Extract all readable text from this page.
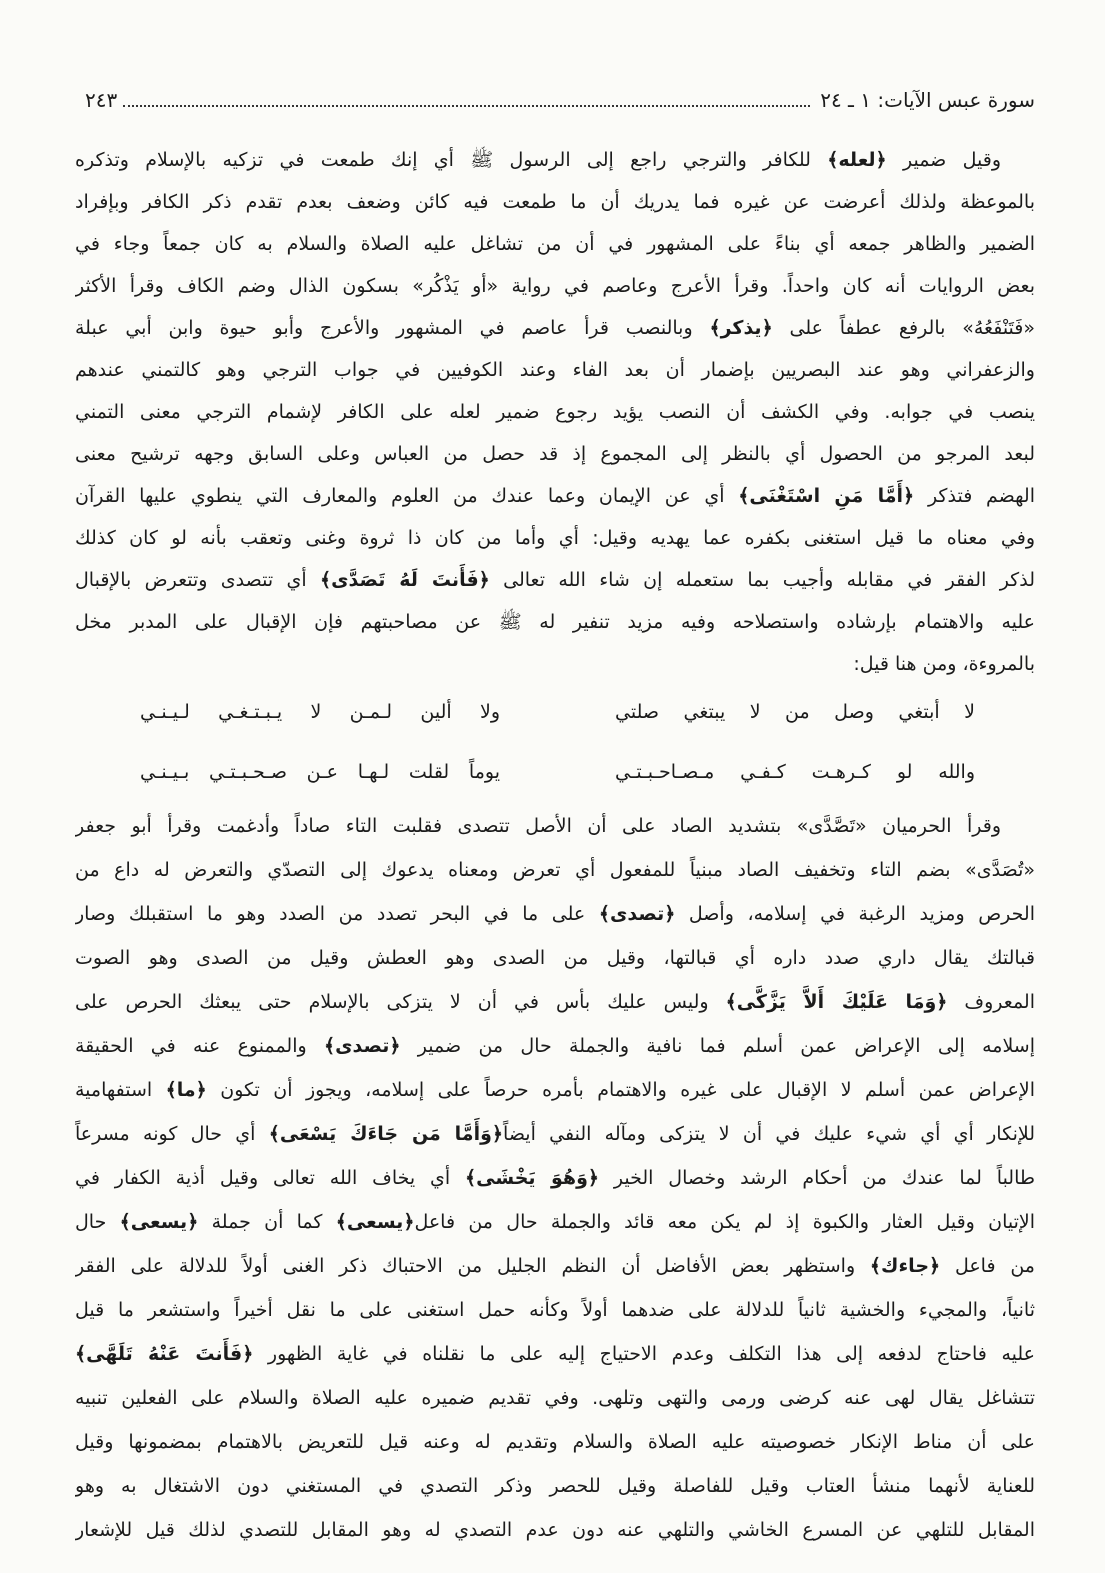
سورة عبس الآيات: ١ ـ ٢٤
٢٤٣
وقيل ضمير ﴿لعله﴾ للكافر والترجي راجع إلى الرسول ﷺ أي إنك طمعت في تزكيه بالإسلام وتذكره
بالموعظة ولذلك أعرضت عن غيره فما يدريك أن ما طمعت فيه كائن وضعف بعدم تقدم ذكر الكافر وبإفراد
الضمير والظاهر جمعه أي بناءً على المشهور في أن من تشاغل عليه الصلاة والسلام به كان جمعاً وجاء في
بعض الروايات أنه كان واحداً. وقرأ الأعرج وعاصم في رواية «أو يَذْكُر» بسكون الذال وضم الكاف وقرأ الأكثر
«فَتَنْفَعُهُ» بالرفع عطفاً على ﴿يذكر﴾ وبالنصب قرأ عاصم في المشهور والأعرج وأبو حيوة وابن أبي عبلة
والزعفراني وهو عند البصريين بإضمار أن بعد الفاء وعند الكوفيين في جواب الترجي وهو كالتمني عندهم
ينصب في جوابه. وفي الكشف أن النصب يؤيد رجوع ضمير لعله على الكافر لإشمام الترجي معنى التمني
لبعد المرجو من الحصول أي بالنظر إلى المجموع إذ قد حصل من العباس وعلى السابق وجهه ترشيح معنى
الهضم فتذكر ﴿أَمَّا مَنِ اسْتَغْنَى﴾ أي عن الإيمان وعما عندك من العلوم والمعارف التي ينطوي عليها القرآن
وفي معناه ما قيل استغنى بكفره عما يهديه وقيل: أي وأما من كان ذا ثروة وغنى وتعقب بأنه لو كان كذلك
لذكر الفقر في مقابله وأجيب بما ستعمله إن شاء الله تعالى ﴿فَأَنتَ لَهُ تَصَدَّى﴾ أي تتصدى وتتعرض بالإقبال
عليه والاهتمام بإرشاده واستصلاحه وفيه مزيد تنفير له ﷺ عن مصاحبتهم فإن الإقبال على المدبر مخل
بالمروءة، ومن هنا قيل:
لا أبتغي وصل من لا يبتغي صلتي
ولا ألين لـمـن لا يـبـتـغـي لـيـنـي
والله لو كـرهـت كـفـي مـصـاحـبـتـي
يوماً لقلت لـهـا عـن صـحـبـتـي بـيـنـي
وقرأ الحرميان «تَصَّدَّى» بتشديد الصاد على أن الأصل تتصدى فقلبت التاء صاداً وأدغمت وقرأ أبو جعفر
«تُصَدَّى» بضم التاء وتخفيف الصاد مبنياً للمفعول أي تعرض ومعناه يدعوك إلى التصدّي والتعرض له داع من
الحرص ومزيد الرغبة في إسلامه، وأصل ﴿تصدى﴾ على ما في البحر تصدد من الصدد وهو ما استقبلك وصار
قبالتك يقال داري صدد داره أي قبالتها، وقيل من الصدى وهو العطش وقيل من الصدى وهو الصوت
المعروف ﴿وَمَا عَلَيْكَ أَلاَّ يَزَّكَّى﴾ وليس عليك بأس في أن لا يتزكى بالإسلام حتى يبعثك الحرص على
إسلامه إلى الإعراض عمن أسلم فما نافية والجملة حال من ضمير ﴿تصدى﴾ والممنوع عنه في الحقيقة
الإعراض عمن أسلم لا الإقبال على غيره والاهتمام بأمره حرصاً على إسلامه، ويجوز أن تكون ﴿ما﴾ استفهامية
للإنكار أي أي شيء عليك في أن لا يتزكى ومآله النفي أيضاً﴿وَأَمَّا مَن جَاءَكَ يَسْعَى﴾ أي حال كونه مسرعاً
طالباً لما عندك من أحكام الرشد وخصال الخير ﴿وَهُوَ يَخْشَى﴾ أي يخاف الله تعالى وقيل أذية الكفار في
الإتيان وقيل العثار والكبوة إذ لم يكن معه قائد والجملة حال من فاعل﴿يسعى﴾ كما أن جملة ﴿يسعى﴾ حال
من فاعل ﴿جاءك﴾ واستظهر بعض الأفاضل أن النظم الجليل من الاحتباك ذكر الغنى أولاً للدلالة على الفقر
ثانياً، والمجيء والخشية ثانياً للدلالة على ضدهما أولاً وكأنه حمل استغنى على ما نقل أخيراً واستشعر ما قيل
عليه فاحتاج لدفعه إلى هذا التكلف وعدم الاحتياج إليه على ما نقلناه في غاية الظهور ﴿فَأَنتَ عَنْهُ تَلَهَّى﴾
تتشاغل يقال لهى عنه كرضى ورمى والتهى وتلهى. وفي تقديم ضميره عليه الصلاة والسلام على الفعلين تنبيه
على أن مناط الإنكار خصوصيته عليه الصلاة والسلام وتقديم له وعنه قيل للتعريض بالاهتمام بمضمونها وقيل
للعناية لأنهما منشأ العتاب وقيل للفاصلة وقيل للحصر وذكر التصدي في المستغني دون الاشتغال به وهو
المقابل للتلهي عن المسرع الخاشي والتلهي عنه دون عدم التصدي له وهو المقابل للتصدي لذلك قيل للإشعار
